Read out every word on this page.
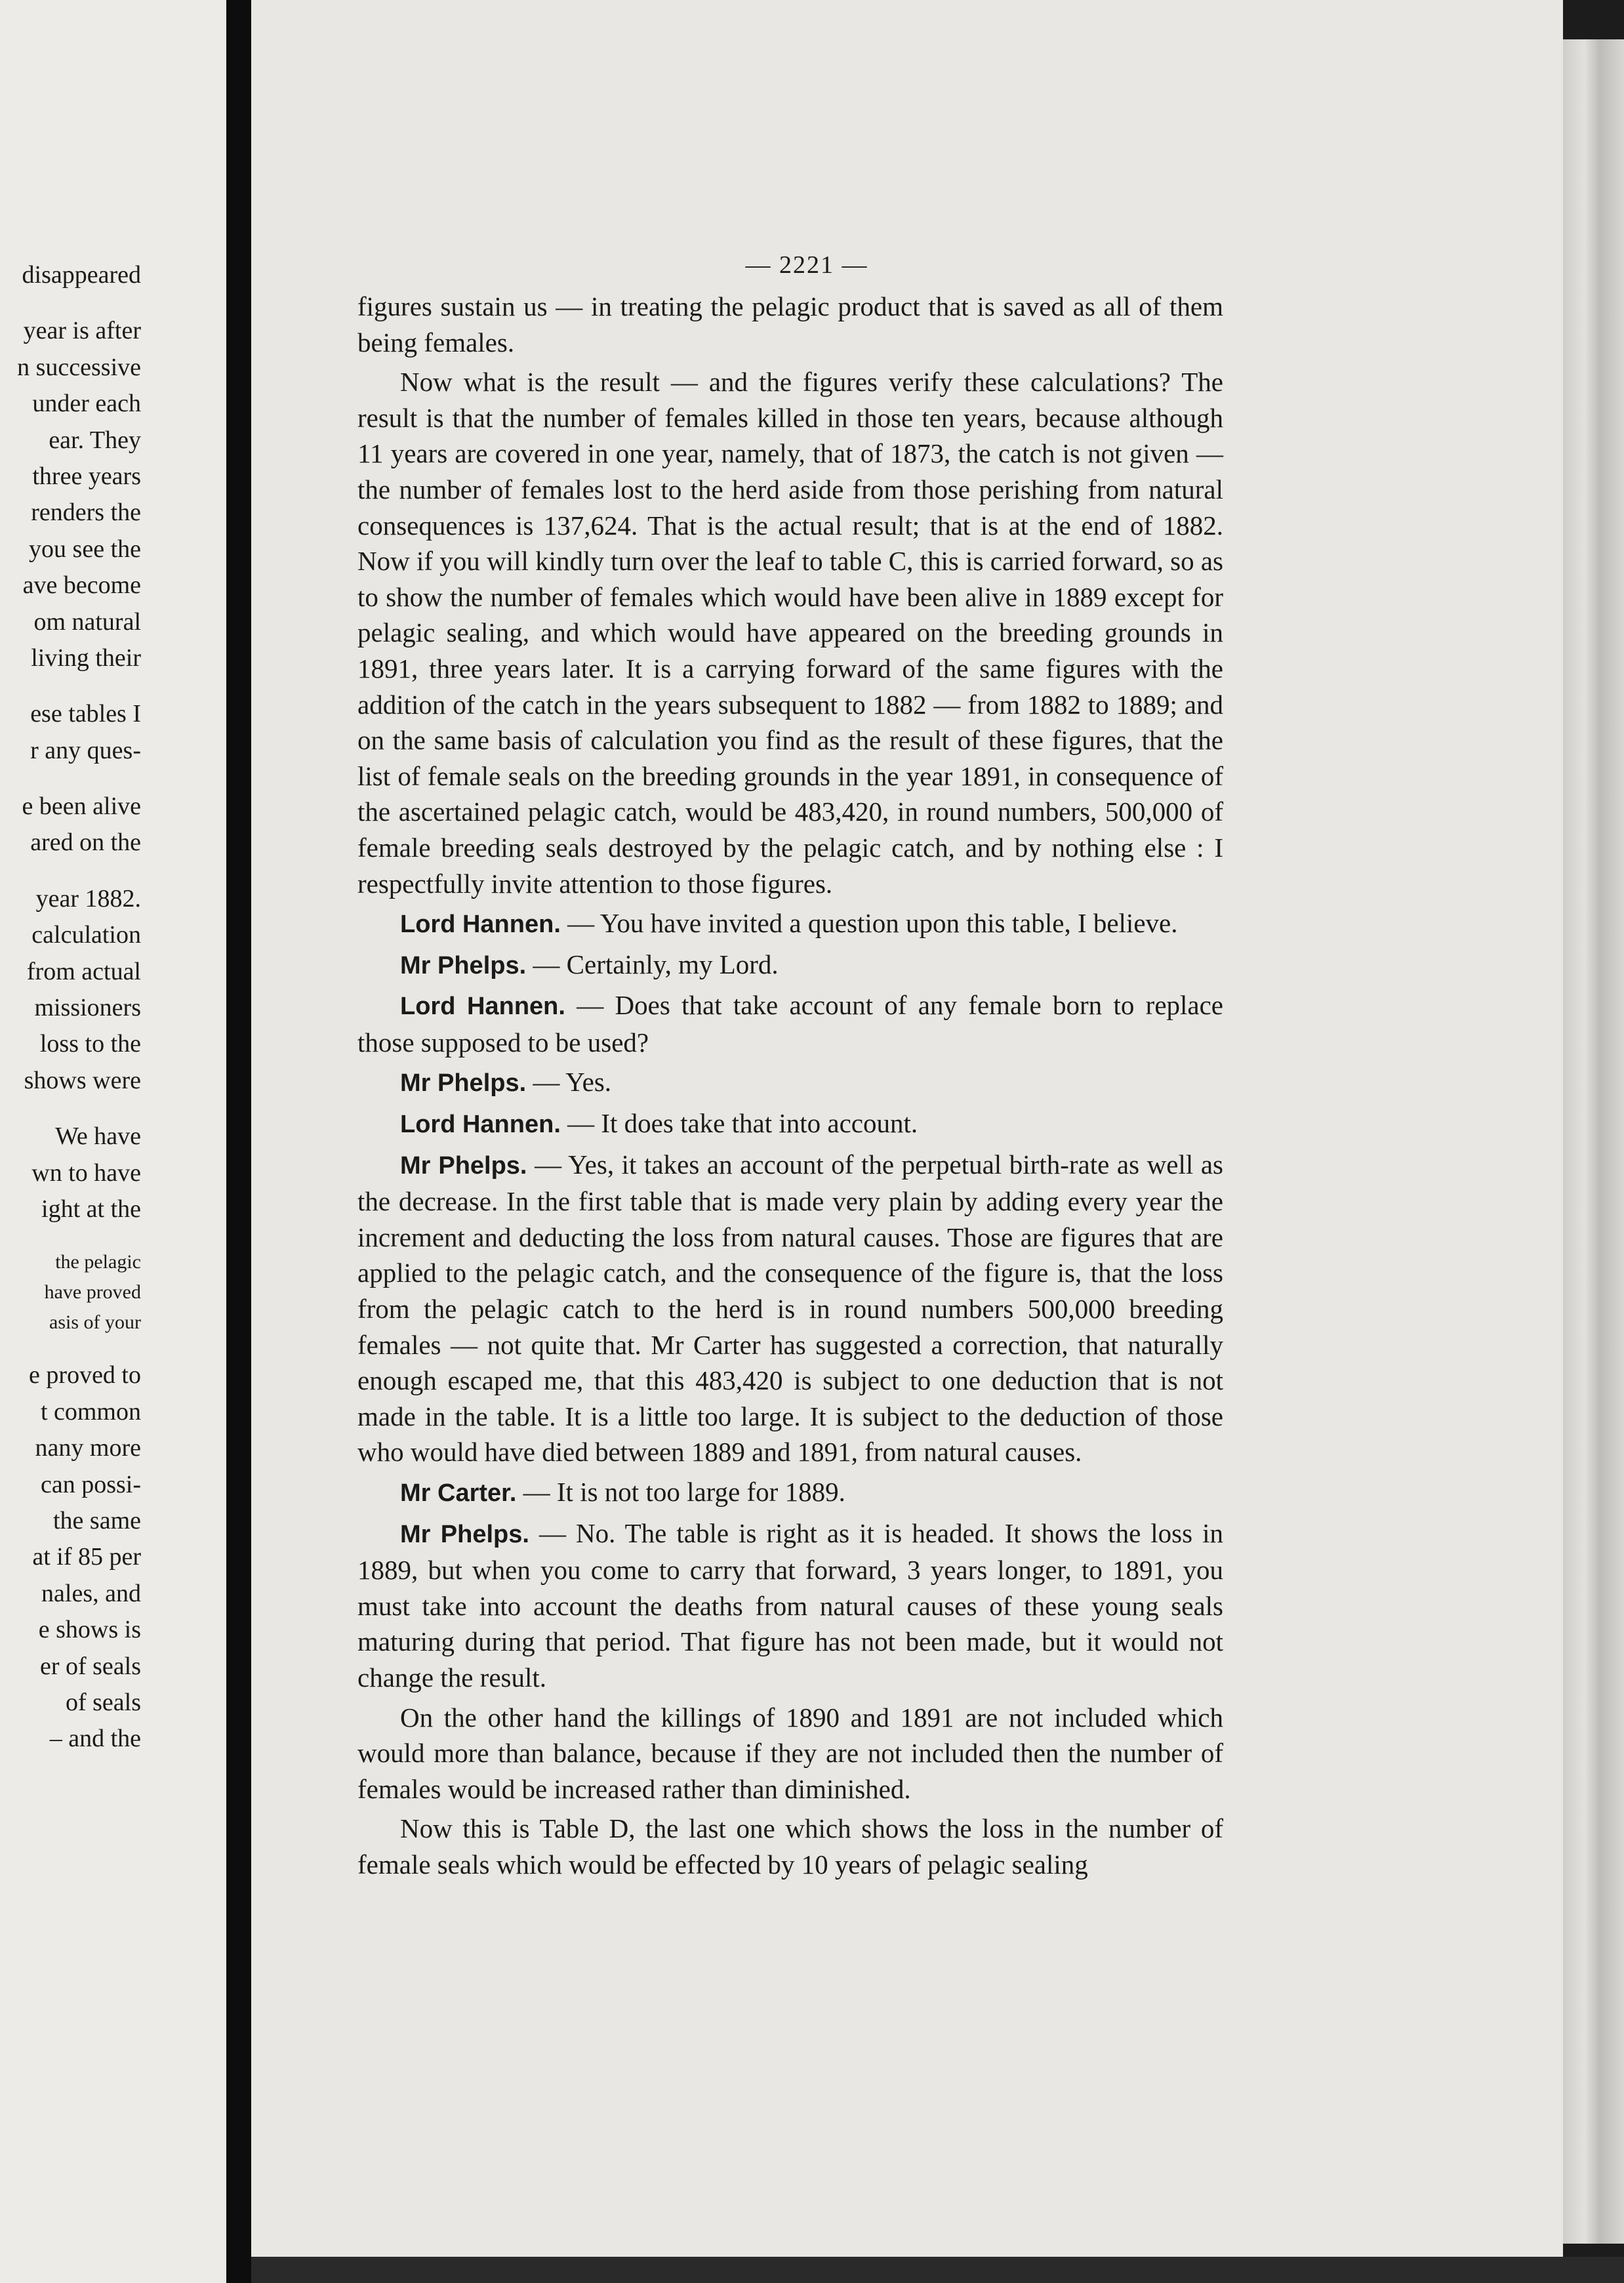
disappeared
year is after
n successive
under each
ear. They
three years
renders the
you see the
ave become
om natural
living their
ese tables I
r any ques-
e been alive
ared on the
year 1882.
calculation
from actual
missioners
loss to the
shows were
We have
wn to have
ight at the
the pelagic
have proved
asis of your
e proved to
t common
nany more
can possi-
the same
at if 85 per
nales, and
e shows is
er of seals
of seals
– and the
— 2221 —

figures sustain us — in treating the pelagic product that is saved as all of them being females.

Now what is the result — and the figures verify these calculations? The result is that the number of females killed in those ten years, because although 11 years are covered in one year, namely, that of 1873, the catch is not given — the number of females lost to the herd aside from those perishing from natural consequences is 137,624. That is the actual result; that is at the end of 1882. Now if you will kindly turn over the leaf to table C, this is carried forward, so as to show the number of females which would have been alive in 1889 except for pelagic sealing, and which would have appeared on the breeding grounds in 1891, three years later. It is a carrying forward of the same figures with the addition of the catch in the years subsequent to 1882 — from 1882 to 1889; and on the same basis of calculation you find as the result of these figures, that the list of female seals on the breeding grounds in the year 1891, in consequence of the ascertained pelagic catch, would be 483,420, in round numbers, 500,000 of female breeding seals destroyed by the pelagic catch, and by nothing else : I respectfully invite attention to those figures.

Lord Hannen. — You have invited a question upon this table, I believe.

Mr Phelps. — Certainly, my Lord.

Lord Hannen. — Does that take account of any female born to replace those supposed to be used?

Mr Phelps. — Yes.

Lord Hannen. — It does take that into account.

Mr Phelps. — Yes, it takes an account of the perpetual birth-rate as well as the decrease. In the first table that is made very plain by adding every year the increment and deducting the loss from natural causes. Those are figures that are applied to the pelagic catch, and the consequence of the figure is, that the loss from the pelagic catch to the herd is in round numbers 500,000 breeding females — not quite that. Mr Carter has suggested a correction, that naturally enough escaped me, that this 483,420 is subject to one deduction that is not made in the table. It is a little too large. It is subject to the deduction of those who would have died between 1889 and 1891, from natural causes.

Mr Carter. — It is not too large for 1889.

Mr Phelps. — No. The table is right as it is headed. It shows the loss in 1889, but when you come to carry that forward, 3 years longer, to 1891, you must take into account the deaths from natural causes of these young seals maturing during that period. That figure has not been made, but it would not change the result.

On the other hand the killings of 1890 and 1891 are not included which would more than balance, because if they are not included then the number of females would be increased rather than diminished.

Now this is Table D, the last one which shows the loss in the number of female seals which would be effected by 10 years of pelagic sealing
